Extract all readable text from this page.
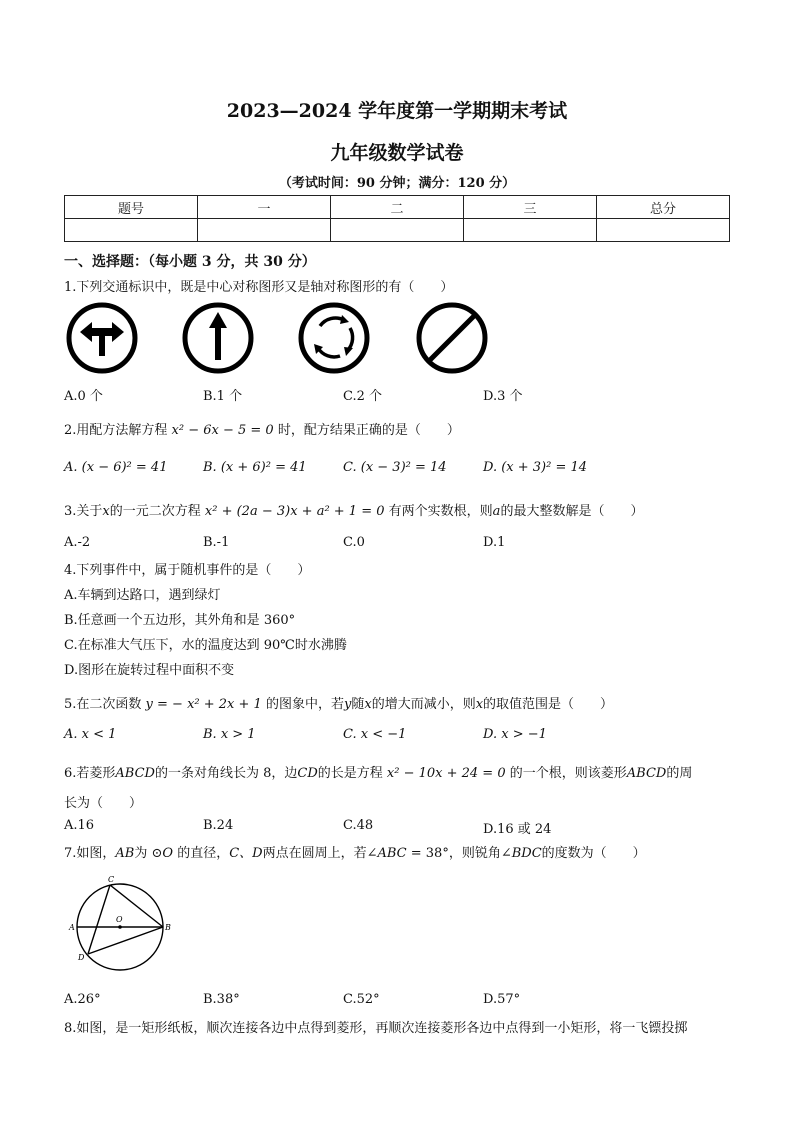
2023—2024 学年度第一学期期末考试
九年级数学试卷
（考试时间：90 分钟；满分：120 分）
题号	一	二	三	总分

一、选择题：（每小题 3 分，共 30 分）
1.下列交通标识中，既是中心对称图形又是轴对称图形的有（　　）
A.0 个	B.1 个	C.2 个	D.3 个
2.用配方法解方程 x² − 6x − 5 = 0 时，配方结果正确的是（　　）
A. (x − 6)² = 41	B. (x + 6)² = 41	C. (x − 3)² = 14	D. (x + 3)² = 14
3.关于x的一元二次方程 x² + (2a − 3)x + a² + 1 = 0 有两个实数根，则a的最大整数解是（　　）
A.-2	B.-1	C.0	D.1
4.下列事件中，属于随机事件的是（　　）
A.车辆到达路口，遇到绿灯
B.任意画一个五边形，其外角和是 360°
C.在标准大气压下，水的温度达到 90℃时水沸腾
D.图形在旋转过程中面积不变
5.在二次函数 y = − x² + 2x + 1 的图象中，若y随x的增大而减小，则x的取值范围是（　　）
A. x < 1	B. x > 1	C. x < −1	D. x > −1
6.若菱形ABCD的一条对角线长为 8，边CD的长是方程 x² − 10x + 24 = 0 的一个根，则该菱形ABCD的周
长为（　　）
A.16	B.24	C.48	D.16 或 24
7.如图，AB为 ⊙O 的直径，C、D两点在圆周上，若∠ABC = 38°，则锐角∠BDC的度数为（　　）
C
O
A	B
D
A.26°	B.38°	C.52°	D.57°
8.如图，是一矩形纸板，顺次连接各边中点得到菱形，再顺次连接菱形各边中点得到一小矩形，将一飞镖投掷
